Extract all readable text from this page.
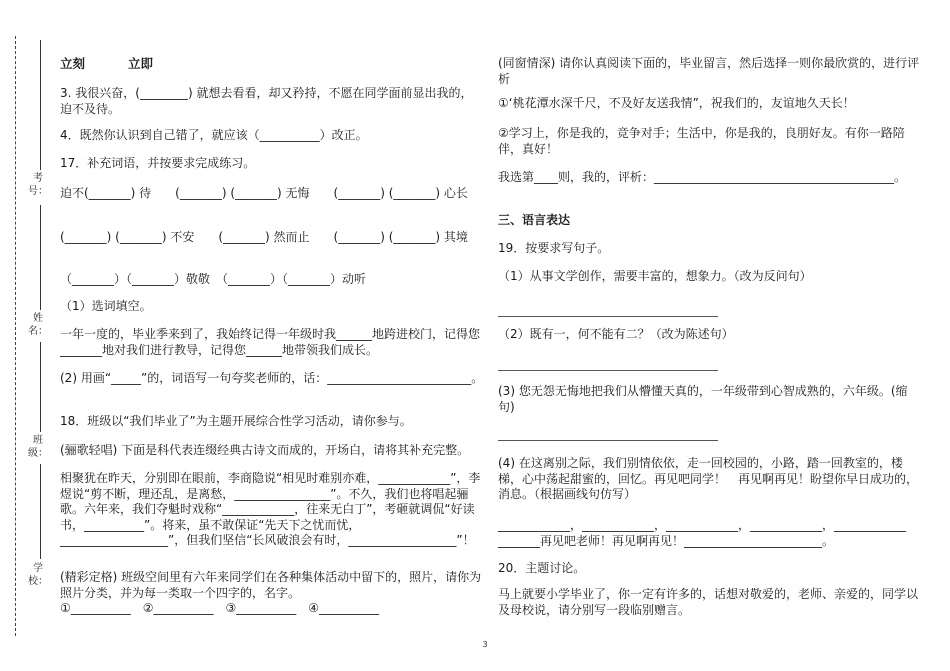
考号：
姓名：
班级：
学校：
立刻	立即

3. 我很兴奋，(________) 就想去看看，却又矜持，不愿在同学面前显出我的，迫不及待。

4．既然你认识到自己错了，就应该（__________）改正。

17．补充词语，并按要求完成练习。

迫不(_______) 待　　(_______) (_______) 无悔　　(_______) (_______) 心长

(_______) (_______) 不安　　(_______) 然而止　　(_______) (_______) 其境

（_______）（_______）敬敬　（_______）（_______）动听

（1）选词填空。

一年一度的，毕业季来到了，我始终记得一年级时我______地跨进校门，记得您_______地对我们进行教导，记得您______地带领我们成长。

(2) 用画“_____”的，词语写一句夸奖老师的，话：________________________。

18．班级以“我们毕业了”为主题开展综合性学习活动，请你参与。

(骊歌轻唱) 下面是科代表连缀经典古诗文而成的，开场白，请将其补充完整。

相聚犹在昨天，分别即在眼前，李商隐说“相见时难别亦难，____________”，李煜说“剪不断，理还乱，是离愁，________________”。不久，我们也将唱起骊歌。六年来，我们夺魁时戏称“____________，往来无白丁”，考砸就调侃“好读书，__________”。将来，虽不敢保证“先天下之忧而忧，__________________”，但我们坚信“长风破浪会有时，__________________”！

(精彩定格) 班级空间里有六年来同学们在各种集体活动中留下的，照片，请你为照片分类，并为每一类取一个四字的，名字。

①__________　②__________　③__________　④__________

(同窗情深) 请你认真阅读下面的，毕业留言，然后选择一则你最欣赏的，进行评析

①‘桃花潭水深千尺，不及好友送我情”，祝我们的，友谊地久天长！

②学习上，你是我的，竞争对手；生活中，你是我的，良朋好友。有你一路陪伴，真好！

我选第____则，我的，评析：________________________________________。

三、语言表达

19．按要求写句子。

（1）从事文学创作，需要丰富的，想象力。（改为反问句）

（2）既有一，何不能有二？（改为陈述句）

(3) 您无怨无悔地把我们从懵懂天真的，一年级带到心智成熟的，六年级。(缩句)

(4) 在这离别之际，我们别情依依，走一回校园的，小路，踏一回教室的，楼梯，心中荡起甜蜜的，回忆。再见吧同学！　再见啊再见！盼望你早日成功的，消息。（根据画线句仿写）

____________，____________，____________，____________，____________

_______再见吧老师！再见啊再见！_______________________。

20．主题讨论。

马上就要小学毕业了，你一定有许多的，话想对敬爱的，老师、亲爱的，同学以及母校说，请分别写一段临别赠言。

3
